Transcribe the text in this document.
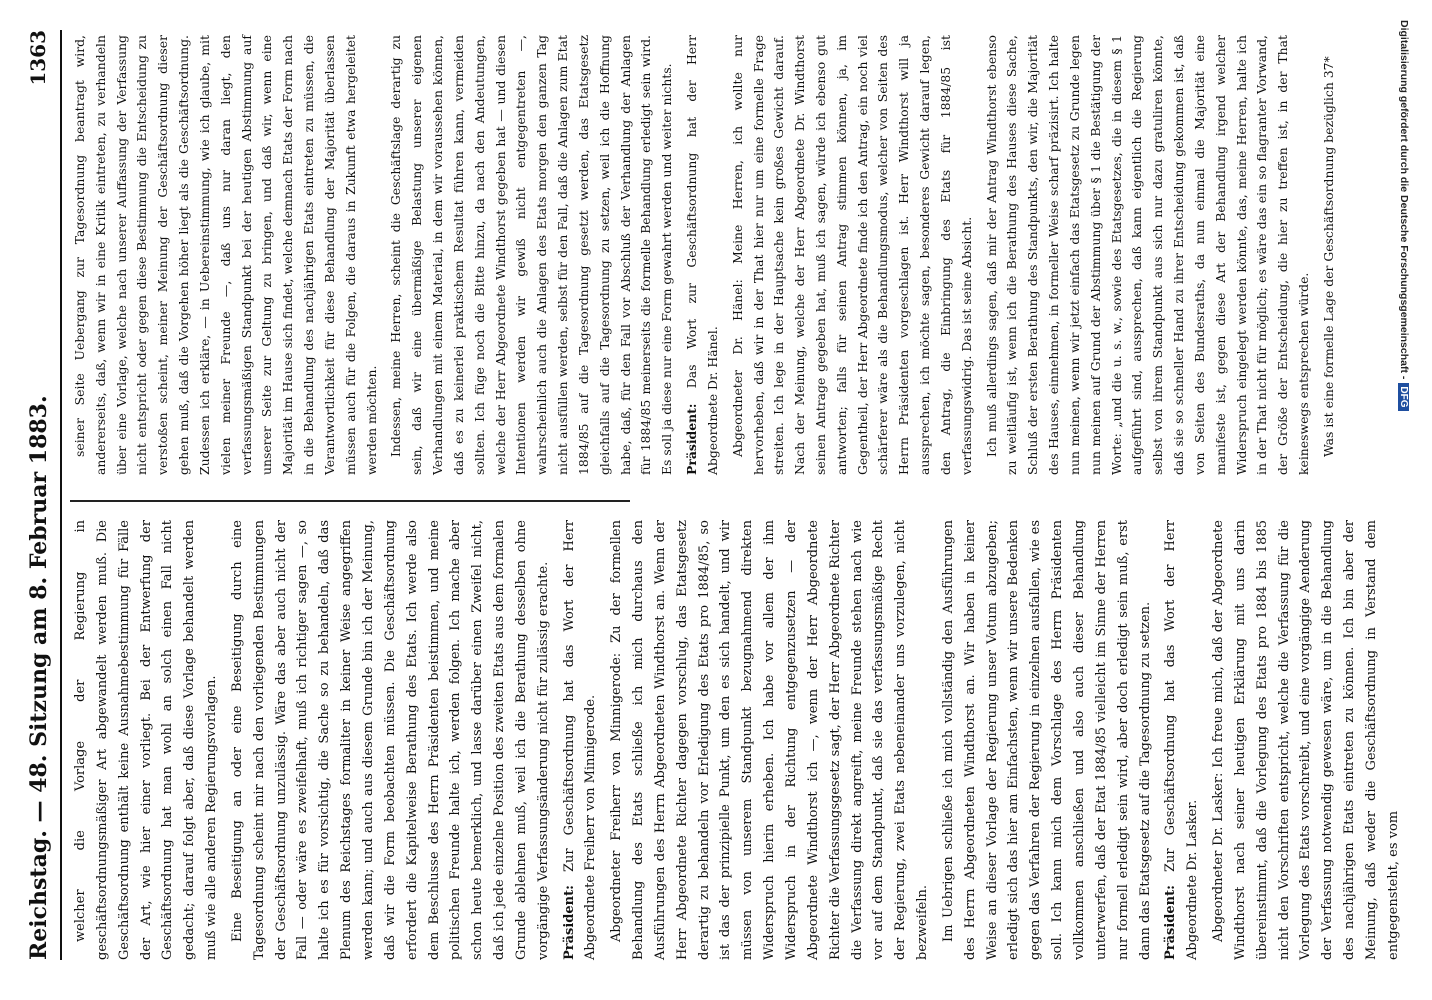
Reichstag. — 48. Sitzung am 8. Februar 1883.
1363

welcher die Vorlage der Regierung in geschäftsordnungsmäßiger Art abgewandelt werden muß. Die Geschäftsordnung enthält keine Ausnahmebestimmung für Fälle der Art, wie hier einer vorliegt. Bei der Entwerfung der Geschäftsordnung hat man wohl an solch einen Fall nicht gedacht; darauf folgt aber, daß diese Vorlage behandelt werden muß wie alle anderen Regierungsvorlagen. Eine Beseitigung an oder eine Beseitigung durch eine Tagesordnung scheint mir nach den vorliegenden Bestimmungen der Geschäftsordnung unzulässig. Wäre das aber auch nicht der Fall — oder wäre es zweifelhaft, muß ich richtiger sagen —, so halte ich es für vorsichtig, die Sache so zu behandeln, daß das Plenum des Reichstages formaliter in keiner Weise angegriffen werden kann; und auch aus diesem Grunde bin ich der Meinung, daß wir die Form beobachten müssen. Die Geschäftsordnung erfordert die Kapitelweise Berathung des Etats. Ich werde also dem Beschlusse des Herrn Präsidenten beistimmen, und meine politischen Freunde halte ich, werden folgen. Ich mache aber schon heute bemerklich, und lasse darüber einen Zweifel nicht, daß ich jede einzelne Position des zweiten Etats aus dem formalen Grunde ablehnen muß, weil ich die Berathung desselben ohne vorgängige Verfassungsänderung nicht für zulässig erachte. Präsident: Zur Geschäftsordnung hat das Wort der Herr Abgeordnete Freiherr von Minnigerode. Abgeordneter Freiherr von Minnigerode: Zu der formellen Behandlung des Etats schließe ich mich durchaus den Ausführungen des Herrn Abgeordneten Windthorst an. Wenn der Herr Abgeordnete Richter dagegen vorschlug, das Etatsgesetz derartig zu behandeln vor Erledigung des Etats pro 1884/85, so ist das der prinzipielle Punkt, um den es sich handelt, und wir müssen von unserem Standpunkt bezugnahmend direkten Widerspruch hierin erheben. Ich habe vor allem der ihm Widerspruch in der Richtung entgegenzusetzen — der Abgeordnete Windthorst ich —, wenn der Herr Abgeordnete Richter die Verfassungsgesetz sagt, der Herr Abgeordnete Richter die Verfassung direkt angreift, meine Freunde stehen nach wie vor auf dem Standpunkt, daß sie das verfassungsmäßige Recht der Regierung, zwei Etats nebeneinander uns vorzulegen, nicht bezweifeln. Im Uebrigen schließe ich mich vollständig den Ausführungen des Herrn Abgeordneten Windthorst an. Wir haben in keiner Weise an dieser Vorlage der Regierung unser Votum abzugeben; erledigt sich das hier am Einfachsten, wenn wir unsere Bedenken gegen das Verfahren der Regierung in einzelnen ausfallen, wie es soll. Ich kann mich dem Vorschlage des Herrn Präsidenten vollkommen anschließen und also auch dieser Behandlung unterwerfen, daß der Etat 1884/85 vielleicht im Sinne der Herren nur formell erledigt sein wird, aber doch erledigt sein muß, erst dann das Etatsgesetz auf die Tagesordnung zu setzen. Präsident: Zur Geschäftsordnung hat das Wort der Herr Abgeordnete Dr. Lasker. Abgeordneter Dr. Lasker: Ich freue mich, daß der Abgeordnete Windthorst nach seiner heutigen Erklärung mit uns darin übereinstimmt, daß die Vorlegung des Etats pro 1884 bis 1885 nicht den Vorschriften entspricht, welche die Verfassung für die Vorlegung des Etats vorschreibt, und eine vorgängige Aenderung der Verfassung notwendig gewesen wäre, um in die Behandlung des nachjährigen Etats eintreten zu können. Ich bin aber der Meinung, daß weder die Geschäftsordnung in Verstand dem entgegensteht, es vom

seiner Seite Uebergang zur Tagesordnung beantragt wird, andererseits, daß, wenn wir in eine Kritik eintreten, zu verhandeln über eine Vorlage, welche nach unserer Auffassung der Verfassung nicht entspricht oder gegen diese Bestimmung die Entscheidung zu verstoßen scheint, meiner Meinung der Geschäftsordnung dieser gehen muß, daß die Vorgehen höher liegt als die Geschäftsordnung. Zudessen ich erkläre, — in Uebereinstimmung, wie ich glaube, mit vielen meiner Freunde —, daß uns nur daran liegt, den verfassungsmäßigen Standpunkt bei der heutigen Abstimmung auf unserer Seite zur Geltung zu bringen, und daß wir, wenn eine Majorität im Hause sich findet, welche demnach Etats der Form nach in die Behandlung des nachjährigen Etats eintreten zu müssen, die Verantwortlichkeit für diese Behandlung der Majorität überlassen müssen auch für die Folgen, die daraus in Zukunft etwa hergeleitet werden möchten. Indessen, meine Herren, scheint die Geschäftslage derartig zu sein, daß wir eine übermäßige Belastung unserer eigenen Verhandlungen mit einem Material, in dem wir voraussehen können, daß es zu keinerlei praktischem Resultat führen kann, vermeiden sollten. Ich füge noch die Bitte hinzu, da nach den Andeutungen, welche der Herr Abgeordnete Windthorst gegeben hat — und diesen Intentionen werden wir gewiß nicht entgegentreten —, wahrscheinlich auch die Anlagen des Etats morgen den ganzen Tag nicht ausfüllen werden, selbst für den Fall, daß die Anlagen zum Etat 1884/85 auf die Tagesordnung gesetzt werden, das Etatsgesetz gleichfalls auf die Tagesordnung zu setzen, weil ich die Hoffnung habe, daß, für den Fall vor Abschluß der Verhandlung der Anlagen für 1884/85 meinerseits die formelle Behandlung erledigt sein wird. Es soll ja diese nur eine Form gewahrt werden und weiter nichts. Präsident: Das Wort zur Geschäftsordnung hat der Herr Abgeordnete Dr. Hänel. Abgeordneter Dr. Hänel: Meine Herren, ich wollte nur hervorheben, daß wir in der That hier nur um eine formelle Frage streiten. Ich lege in der Hauptsache kein großes Gewicht darauf. Nach der Meinung, welche der Herr Abgeordnete Dr. Windthorst seinen Antrage gegeben hat, muß ich sagen, würde ich ebenso gut antworten; falls für seinen Antrag stimmen können, ja, im Gegentheil, der Herr Abgeordnete finde ich den Antrag, ein noch viel schärferer wäre als die Behandlungsmodus, welcher von Seiten des Herrn Präsidenten vorgeschlagen ist. Herr Windthorst will ja aussprechen, ich möchte sagen, besonderes Gewicht darauf legen, den Antrag, die Einbringung des Etats für 1884/85 ist verfassungswidrig. Das ist seine Absicht. Ich muß allerdings sagen, daß mir der Antrag Windthorst ebenso zu weitläufig ist, wenn ich die Berathung des Hauses diese Sache, Schluß der ersten Berathung des Standpunkts, den wir, die Majorität des Hauses, einnehmen, in formeller Weise scharf präzisirt. Ich halte nun meinen, wenn wir jetzt einfach das Etatsgesetz zu Grunde legen nun meinen auf Grund der Abstimmung über § 1 die Bestätigung der Worte: „und die u. s. w., sowie des Etatsgesetzes, die in diesem § 1 aufgeführt sind, aussprechen, daß kann eigentlich die Regierung selbst von ihrem Standpunkt aus sich nur dazu gratuliren könnte, daß sie so schneller Hand zu ihrer Entscheidung gekommen ist, daß von Seiten des Bundesraths, da nun einmal die Majorität eine manifeste ist, gegen diese Art der Behandlung irgend welcher Widerspruch eingelegt werden könnte, das, meine Herren, halte ich in der That nicht für möglich; es wäre das ein so flagranter Vorwand, der Größe der Entscheidung, die hier zu treffen ist, in der That keineswegs entsprechen würde. Was ist eine formelle Lage der Geschäftsordnung bezüglich 37*	Digitalisierung gefördert durch die Deutsche Forschungsgemeinschaft -DFG
